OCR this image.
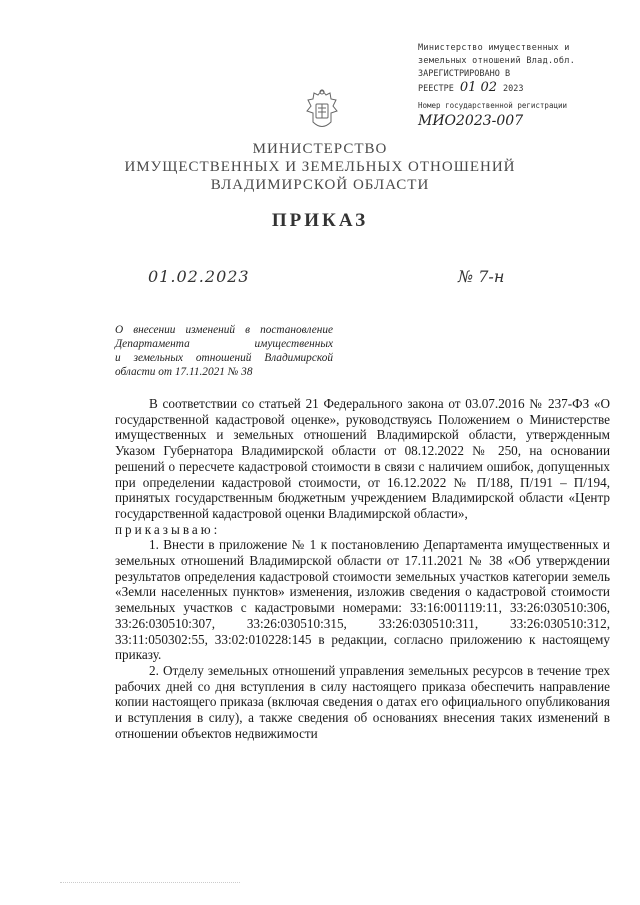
Министерство имущественных и
земельных отношений Влад.обл.
ЗАРЕГИСТРИРОВАНО В
РЕЕСТРЕ 01 02 2023
Номер государственной регистрации
МИО2023-007
МИНИСТЕРСТВО
ИМУЩЕСТВЕННЫХ И ЗЕМЕЛЬНЫХ ОТНОШЕНИЙ
ВЛАДИМИРСКОЙ ОБЛАСТИ
ПРИКАЗ
01.02.2023	№ 7-н
О внесении изменений в постановление
Департамента имущественных
и земельных отношений Владимирской
области от 17.11.2021 № 38

В соответствии со статьей 21 Федерального закона от 03.07.2016 № 237-ФЗ «О государственной кадастровой оценке», руководствуясь Положением о Министерстве имущественных и земельных отношений Владимирской области, утвержденным Указом Губернатора Владимирской области от 08.12.2022 № 250, на основании решений о пересчете кадастровой стоимости в связи с наличием ошибок, допущенных при определении кадастровой стоимости, от 16.12.2022 № П/188, П/191 – П/194, принятых государственным бюджетным учреждением Владимирской области «Центр государственной кадастровой оценки Владимирской области»,

приказываю:

1. Внести в приложение № 1 к постановлению Департамента имущественных и земельных отношений Владимирской области от 17.11.2021 № 38 «Об утверждении результатов определения кадастровой стоимости земельных участков категории земель «Земли населенных пунктов» изменения, изложив сведения о кадастровой стоимости земельных участков с кадастровыми номерами: 33:16:001119:11, 33:26:030510:306, 33:26:030510:307, 33:26:030510:315, 33:26:030510:311, 33:26:030510:312, 33:11:050302:55, 33:02:010228:145 в редакции, согласно приложению к настоящему приказу.

2. Отделу земельных отношений управления земельных ресурсов в течение трех рабочих дней со дня вступления в силу настоящего приказа обеспечить направление копии настоящего приказа (включая сведения о датах его официального опубликования и вступления в силу), а также сведения об основаниях внесения таких изменений в отношении объектов недвижимости
